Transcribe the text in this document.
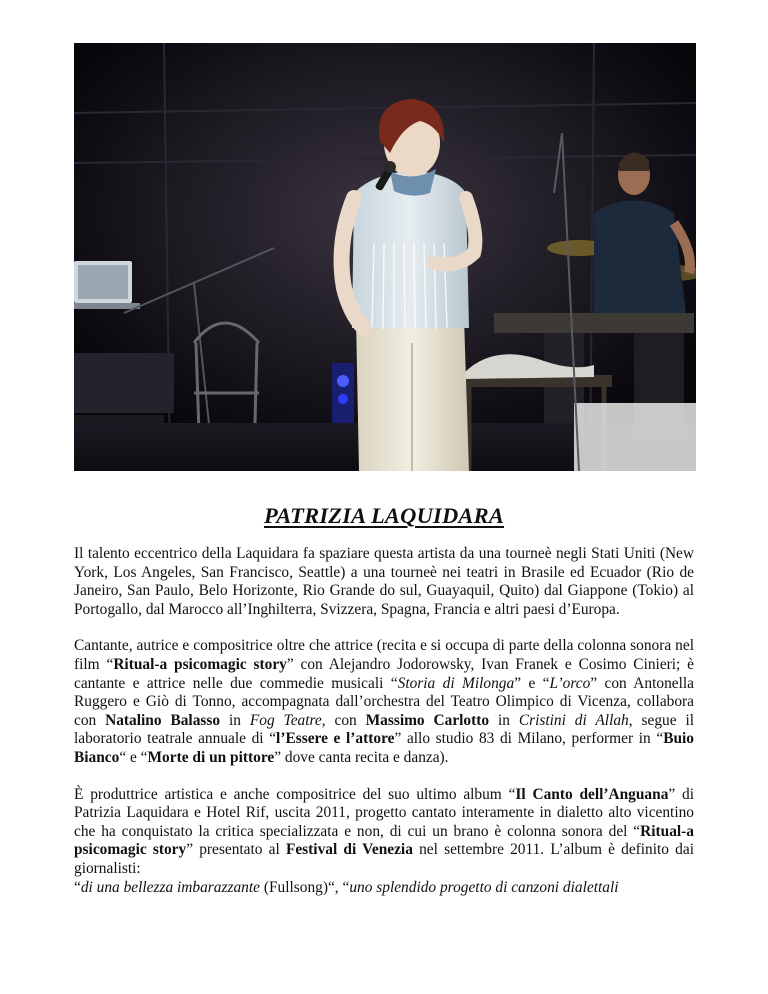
PATRIZIA LAQUIDARA

Il talento eccentrico della Laquidara fa spaziare questa artista da una tourneè negli Stati Uniti (New York, Los Angeles, San Francisco, Seattle) a una tourneè nei teatri in Brasile ed Ecuador (Rio de Janeiro, San Paulo, Belo Horizonte, Rio Grande do sul, Guayaquil, Quito) dal Giappone (Tokio) al Portogallo, dal Marocco all’Inghilterra, Svizzera, Spagna, Francia e altri paesi d’Europa.

Cantante, autrice e compositrice oltre che attrice (recita e si occupa di parte della colonna sonora nel film “Ritual-a psicomagic story” con Alejandro Jodorowsky, Ivan Franek e Cosimo Cinieri; è cantante e attrice nelle due commedie musicali “Storia di Milonga” e “L’orco” con Antonella Ruggero e Giò di Tonno, accompagnata dall’orchestra del Teatro Olimpico di Vicenza, collabora con Natalino Balasso in Fog Teatre, con Massimo Carlotto in Cristini di Allah, segue il laboratorio teatrale annuale di “l’Essere e l’attore” allo studio 83 di Milano, performer in “Buio Bianco“ e “Morte di un pittore” dove canta recita e danza).

È produttrice artistica e anche compositrice del suo ultimo album “Il Canto dell’Anguana” di Patrizia Laquidara e Hotel Rif, uscita 2011, progetto cantato interamente in dialetto alto vicentino che ha conquistato la critica specializzata e non, di cui un brano è colonna sonora del “Ritual-a psicomagic story” presentato al Festival di Venezia nel settembre 2011. L’album è definito dai giornalisti:
“di una bellezza imbarazzante (Fullsong)“, “uno splendido progetto di canzoni dialettali
